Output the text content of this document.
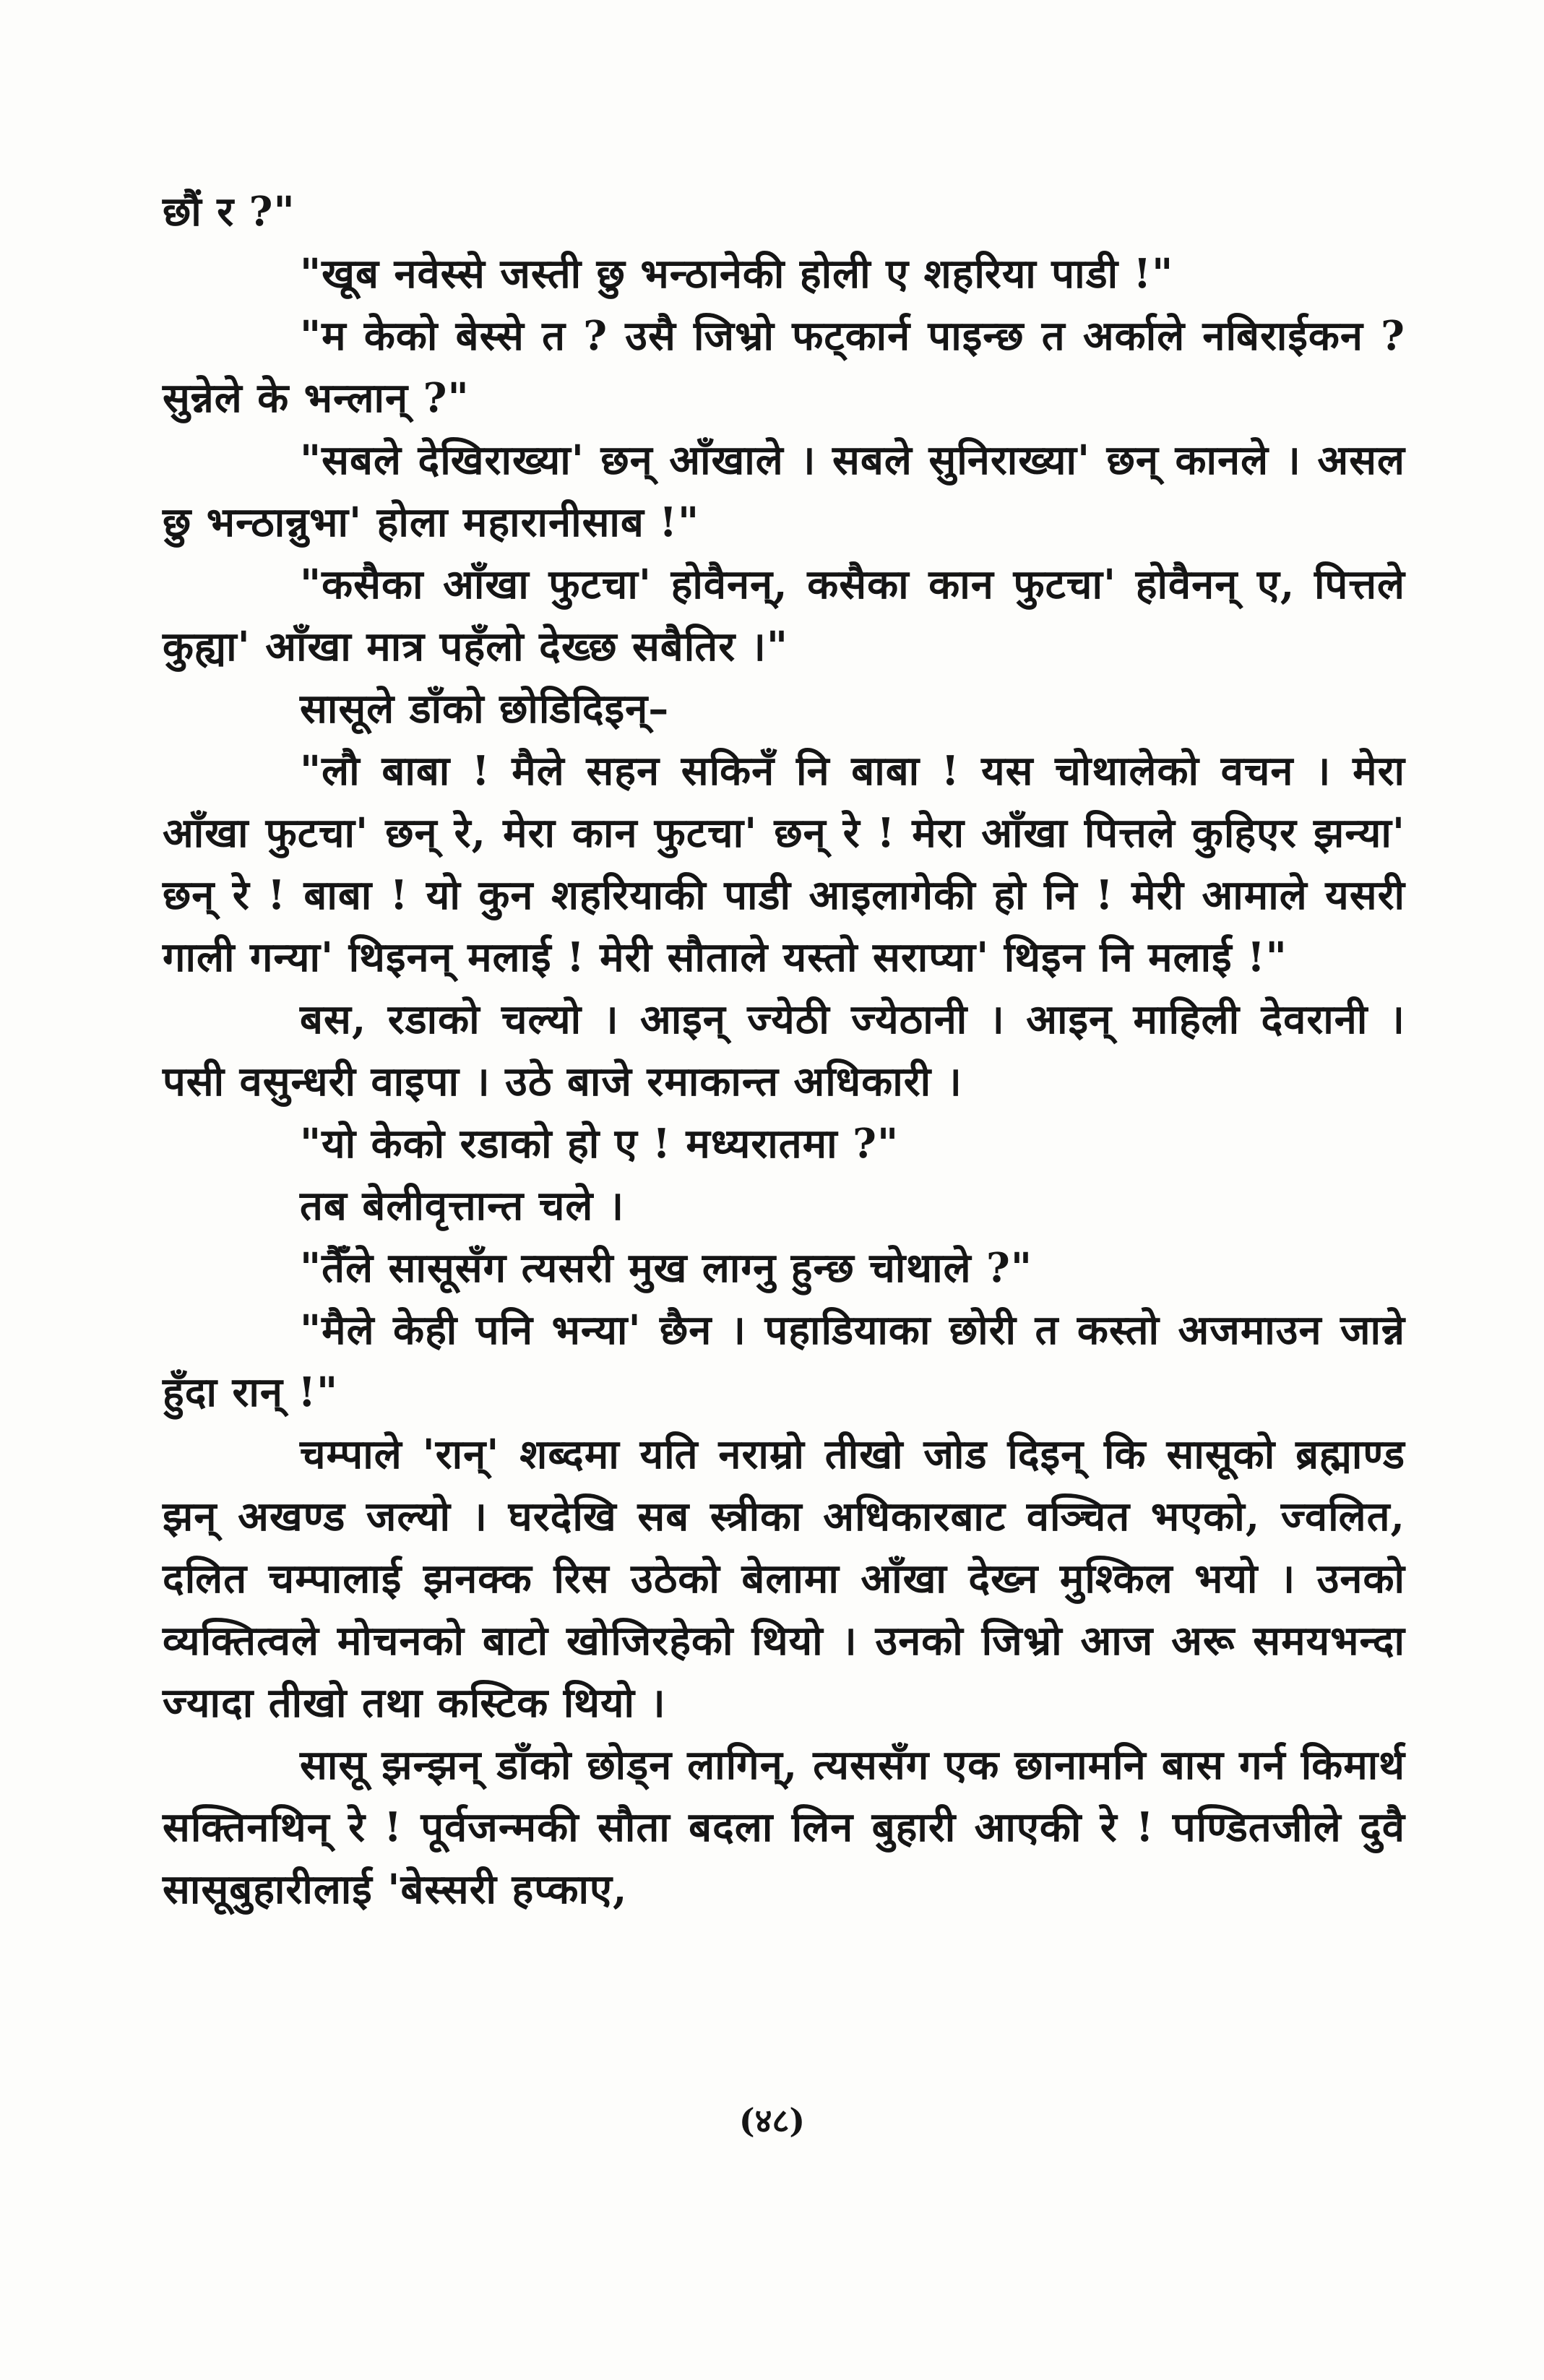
छौं र ?"

"खूब नवेस्से जस्ती छु भन्ठानेकी होली ए शहरिया पाडी !"

"म केको बेस्से त ? उसै जिभ्रो फट्कार्न पाइन्छ त अर्काले नबिराईकन ? सुन्नेले के भन्लान् ?"

"सबले देखिराख्या' छन् आँखाले । सबले सुनिराख्या' छन् कानले । असल छु भन्ठान्नुभा' होला महारानीसाब !"

"कसैका आँखा फुटचा' होवैनन्, कसैका कान फुटचा' होवैनन् ए, पित्तले कुह्या' आँखा मात्र पहँलो देख्छ सबैतिर ।"

सासूले डाँको छोडिदिइन्–

"लौ बाबा ! मैले सहन सकिनँ नि बाबा ! यस चोथालेको वचन । मेरा आँखा फुटचा' छन् रे, मेरा कान फुटचा' छन् रे ! मेरा आँखा पित्तले कुहिएर झन्या' छन् रे ! बाबा ! यो कुन शहरियाकी पाडी आइलागेकी हो नि ! मेरी आमाले यसरी गाली गन्या' थिइनन् मलाई ! मेरी सौताले यस्तो सराप्या' थिइन नि मलाई !"

बस, रडाको चल्यो । आइन् ज्येठी ज्येठानी । आइन् माहिली देवरानी । पसी वसुन्धरी वाइपा । उठे बाजे रमाकान्त अधिकारी ।

"यो केको रडाको हो ए ! मध्यरातमा ?"

तब बेलीवृत्तान्त चले ।

"तैँले सासूसँग त्यसरी मुख लाग्नु हुन्छ चोथाले ?"

"मैले केही पनि भन्या' छैन । पहाडियाका छोरी त कस्तो अजमाउन जान्ने हुँदा रान् !"

चम्पाले 'रान्' शब्दमा यति नराम्रो तीखो जोड दिइन् कि सासूको ब्रह्माण्ड झन् अखण्ड जल्यो । घरदेखि सब स्त्रीका अधिकारबाट वञ्चित भएको, ज्वलित, दलित चम्पालाई झनक्क रिस उठेको बेलामा आँखा देख्न मुश्किल भयो । उनको व्यक्तित्वले मोचनको बाटो खोजिरहेको थियो । उनको जिभ्रो आज अरू समयभन्दा ज्यादा तीखो तथा कस्टिक थियो ।

सासू झन्झन् डाँको छोड्न लागिन्, त्यससँग एक छानामनि बास गर्न किमार्थ सक्तिनथिन् रे ! पूर्वजन्मकी सौता बदला लिन बुहारी आएकी रे ! पण्डितजीले दुवै सासूबुहारीलाई 'बेस्सरी हप्काए,

(४८)
